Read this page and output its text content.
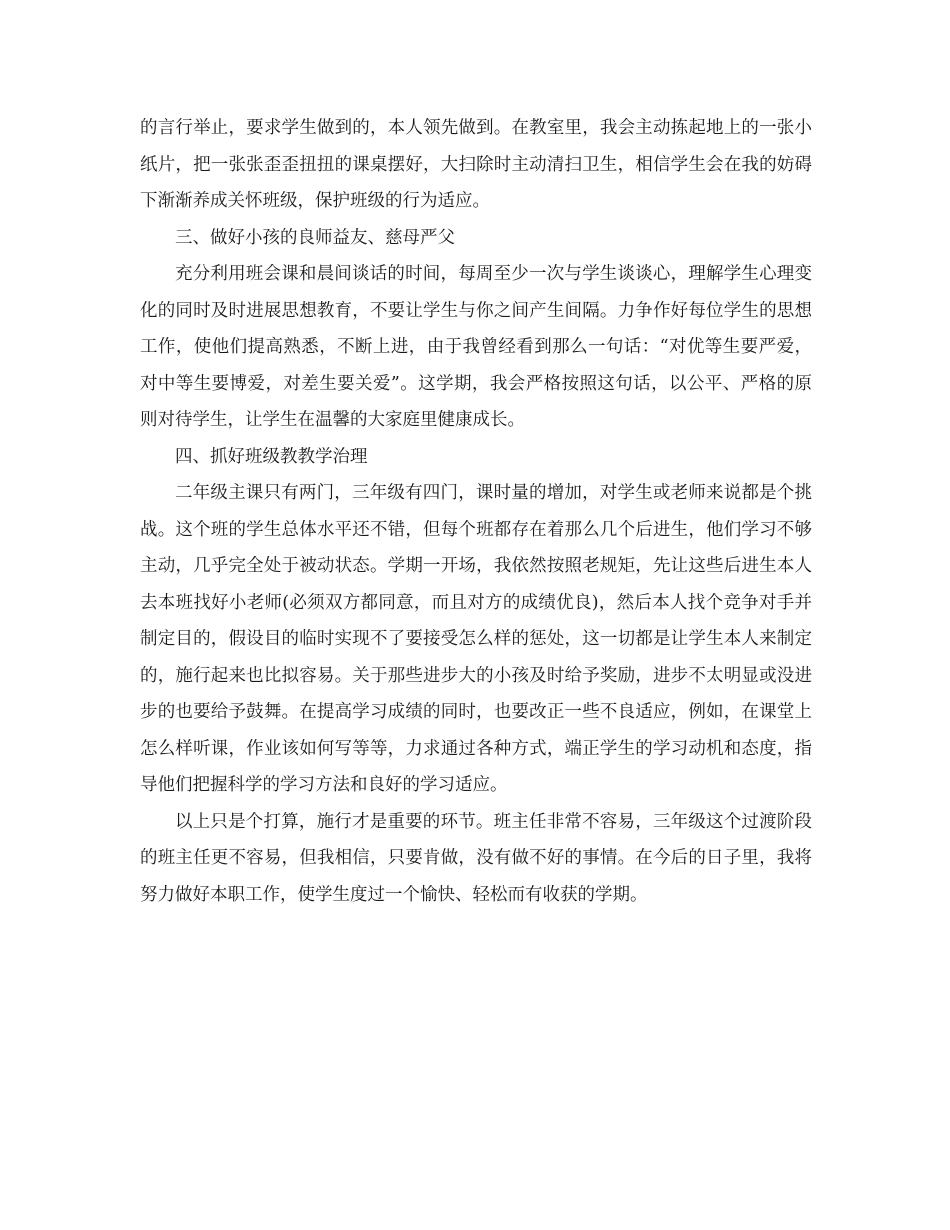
的言行举止，要求学生做到的，本人领先做到。在教室里，我会主动拣起地上的一张小纸片，把一张张歪歪扭扭的课桌摆好，大扫除时主动清扫卫生，相信学生会在我的妨碍下渐渐养成关怀班级，保护班级的行为适应。

三、做好小孩的良师益友、慈母严父

充分利用班会课和晨间谈话的时间，每周至少一次与学生谈谈心，理解学生心理变化的同时及时进展思想教育，不要让学生与你之间产生间隔。力争作好每位学生的思想工作，使他们提高熟悉，不断上进，由于我曾经看到那么一句话：“对优等生要严爱，对中等生要博爱，对差生要关爱”。这学期，我会严格按照这句话，以公平、严格的原则对待学生，让学生在温馨的大家庭里健康成长。

四、抓好班级教教学治理

二年级主课只有两门，三年级有四门，课时量的增加，对学生或老师来说都是个挑战。这个班的学生总体水平还不错，但每个班都存在着那么几个后进生，他们学习不够主动，几乎完全处于被动状态。学期一开场，我依然按照老规矩，先让这些后进生本人去本班找好小老师(必须双方都同意，而且对方的成绩优良)，然后本人找个竞争对手并制定目的，假设目的临时实现不了要接受怎么样的惩处，这一切都是让学生本人来制定的，施行起来也比拟容易。关于那些进步大的小孩及时给予奖励，进步不太明显或没进步的也要给予鼓舞。在提高学习成绩的同时，也要改正一些不良适应，例如，在课堂上怎么样听课，作业该如何写等等，力求通过各种方式，端正学生的学习动机和态度，指导他们把握科学的学习方法和良好的学习适应。

以上只是个打算，施行才是重要的环节。班主任非常不容易，三年级这个过渡阶段的班主任更不容易，但我相信，只要肯做，没有做不好的事情。在今后的日子里，我将努力做好本职工作，使学生度过一个愉快、轻松而有收获的学期。
